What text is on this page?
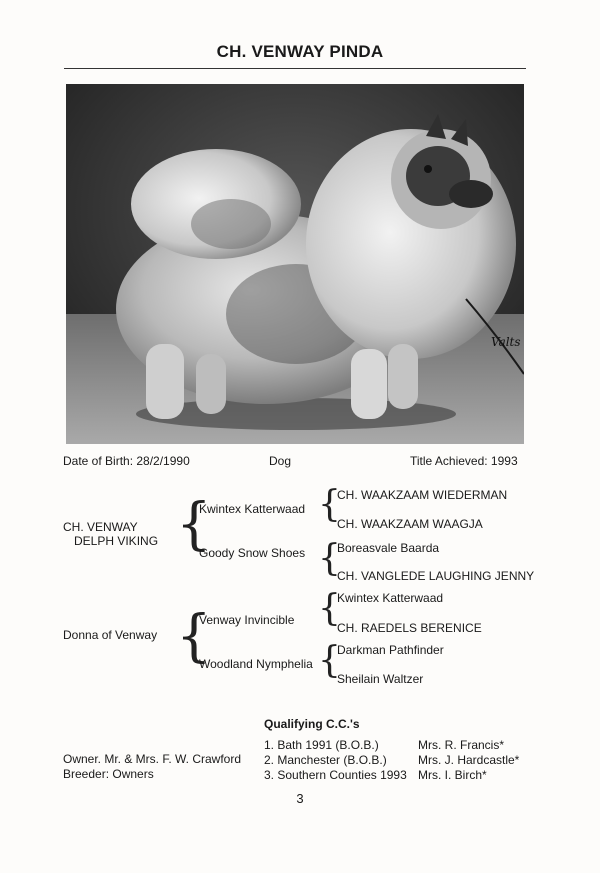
CH. VENWAY PINDA
Valts
Date of Birth: 28/2/1990	Dog	Title Achieved: 1993
CH. VENWAY
DELPH VIKING {
Kwintex Katterwaad
Goody Snow Shoes
{
CH. WAAKZAAM WIEDERMAN
CH. WAAKZAAM WAAGJA
{
Boreasvale Baarda
CH. VANGLEDE LAUGHING JENNY
Donna of Venway {
Venway Invincible
Woodland Nymphelia
{
Kwintex Katterwaad
CH. RAEDELS BERENICE
{
Darkman Pathfinder
Sheilain Waltzer
Qualifying C.C.'s
Owner. Mr. & Mrs. F. W. Crawford
Breeder: Owners
1. Bath 1991 (B.O.B.)	Mrs. R. Francis*
2. Manchester (B.O.B.)	Mrs. J. Hardcastle*
3. Southern Counties 1993 Mrs. I. Birch*
3
